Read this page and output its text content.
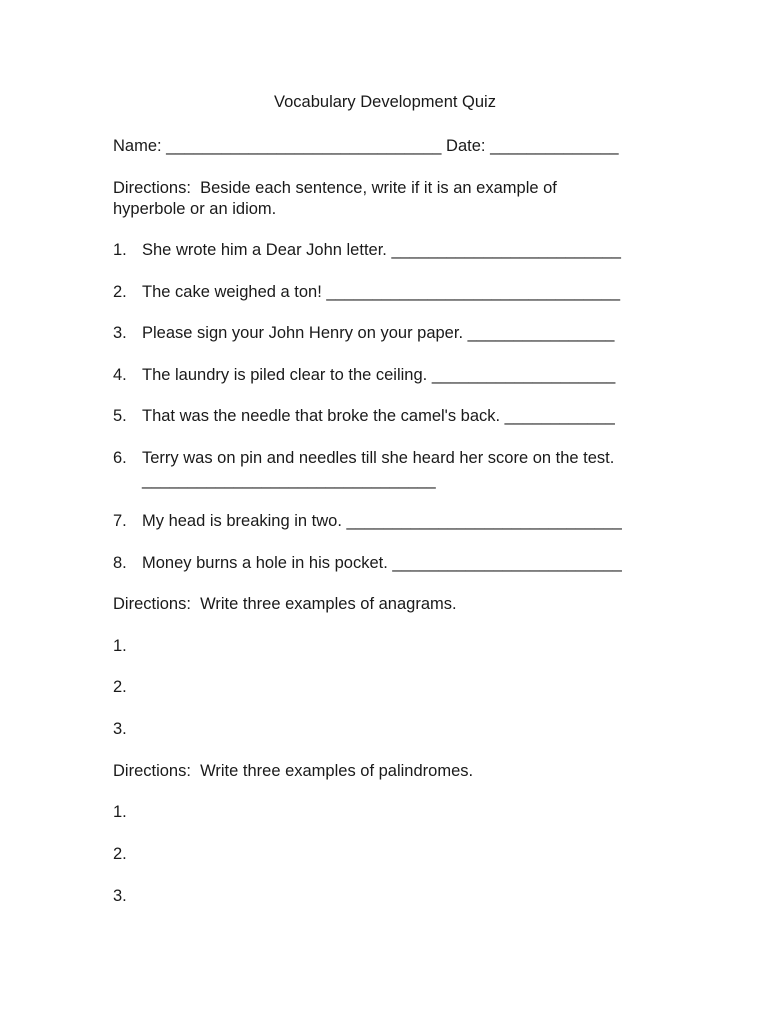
Vocabulary Development Quiz
Name: ______________________________ Date: ______________
Directions:  Beside each sentence, write if it is an example of
hyperbole or an idiom.
1. She wrote him a Dear John letter. _________________________
2. The cake weighed a ton! ________________________________
3. Please sign your John Henry on your paper. ________________
4. The laundry is piled clear to the ceiling. ____________________
5. That was the needle that broke the camel's back. ____________
6. Terry was on pin and needles till she heard her score on the test.
________________________________
7. My head is breaking in two. ______________________________
8. Money burns a hole in his pocket. _________________________
Directions:  Write three examples of anagrams.
1.
2.
3.
Directions:  Write three examples of palindromes.
1.
2.
3.
